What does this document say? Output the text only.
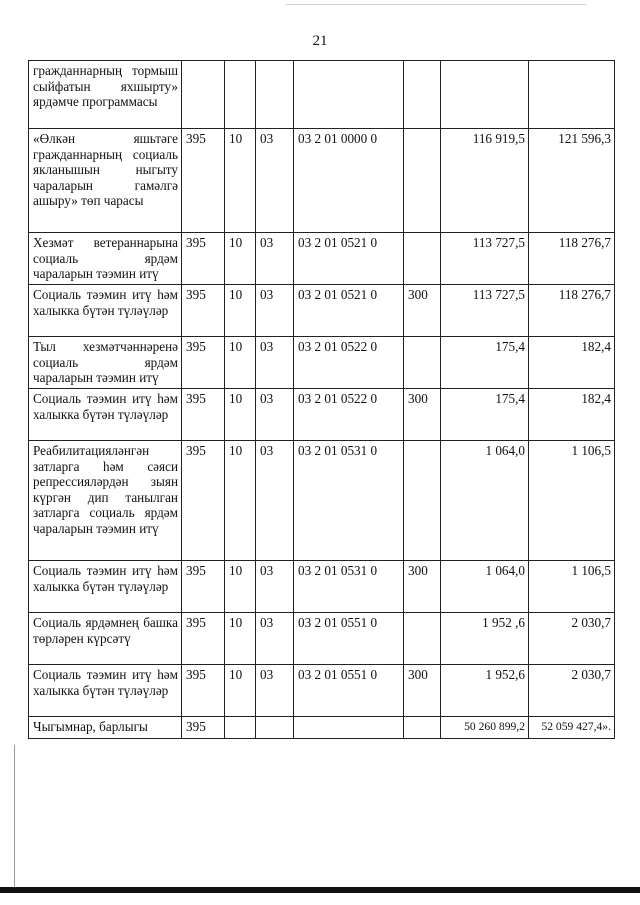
21
гражданнарның тормыш сыйфатын яхшырту» ярдәмче программасы							
«Өлкән яшьтәге гражданнарның социаль якланышын ныгыту чараларын гамәлгә ашыру» төп чарасы	395	10	03	03 2 01 0000 0		116 919,5	121 596,3
Хезмәт ветераннарына социаль ярдәм чараларын тәэмин итү	395	10	03	03 2 01 0521 0		113 727,5	118 276,7
Социаль тәэмин итү һәм халыкка бүтән түләүләр	395	10	03	03 2 01 0521 0	300	113 727,5	118 276,7
Тыл хезмәтчәннәренә социаль ярдәм чараларын тәэмин итү	395	10	03	03 2 01 0522 0		175,4	182,4
Социаль тәэмин итү һәм халыкка бүтән түләүләр	395	10	03	03 2 01 0522 0	300	175,4	182,4
Реабилитацияләнгән затларга һәм сәяси репрессияләрдән зыян күргән дип танылган затларга социаль ярдәм чараларын тәэмин итү	395	10	03	03 2 01 0531 0		1 064,0	1 106,5
Социаль тәэмин итү һәм халыкка бүтән түләүләр	395	10	03	03 2 01 0531 0	300	1 064,0	1 106,5
Социаль ярдәмнең башка төрләрен күрсәтү	395	10	03	03 2 01 0551 0		1 952 ,6	2 030,7
Социаль тәэмин итү һәм халыкка бүтән түләүләр	395	10	03	03 2 01 0551 0	300	1 952,6	2 030,7
Чыгымнар, барлыгы	395					50 260 899,2	52 059 427,4».
